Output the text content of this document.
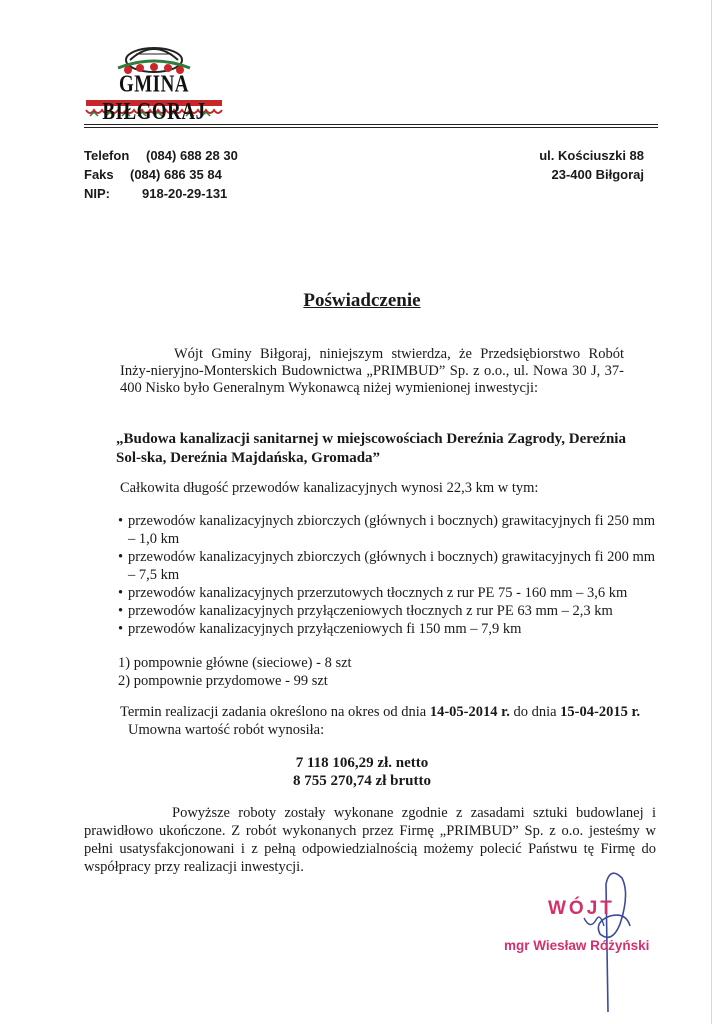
GMINA BIŁGORAJ
Telefon	(084) 688 28 30
Faks	(084) 686 35 84
NIP:	918-20-29-131
ul. Kościuszki 88
23-400 Biłgoraj
Poświadczenie
Wójt Gminy Biłgoraj, niniejszym stwierdza, że Przedsiębiorstwo Robót Inży-nieryjno-Monterskich Budownictwa „PRIMBUD” Sp. z o.o., ul. Nowa 30 J, 37-400 Nisko było Generalnym Wykonawcą niżej wymienionej inwestycji:
„Budowa kanalizacji sanitarnej w miejscowościach Dereźnia Zagrody, Dereźnia Sol-ska, Dereźnia Majdańska, Gromada”
Całkowita długość przewodów kanalizacyjnych wynosi 22,3 km w tym:
• przewodów kanalizacyjnych zbiorczych (głównych i bocznych) grawitacyjnych fi 250 mm – 1,0 km
• przewodów kanalizacyjnych zbiorczych (głównych i bocznych) grawitacyjnych fi 200 mm – 7,5 km
• przewodów kanalizacyjnych przerzutowych tłocznych z rur PE 75 - 160 mm – 3,6 km
• przewodów kanalizacyjnych przyłączeniowych tłocznych z rur PE 63 mm – 2,3 km
• przewodów kanalizacyjnych przyłączeniowych fi 150 mm – 7,9 km
1) pompownie główne (sieciowe) - 8 szt
2) pompownie przydomowe - 99 szt
Termin realizacji zadania określono na okres od dnia 14-05-2014 r. do dnia 15-04-2015 r.
Umowna wartość robót wynosiła:
7 118 106,29 zł. netto
8 755 270,74 zł brutto
Powyższe roboty zostały wykonane zgodnie z zasadami sztuki budowlanej i prawidłowo ukończone. Z robót wykonanych przez Firmę „PRIMBUD” Sp. z o.o. jesteśmy w pełni usatysfakcjonowani i z pełną odpowiedzialnością możemy polecić Państwu tę Firmę do współpracy przy realizacji inwestycji.
WÓJT
mgr Wiesław Różyński
